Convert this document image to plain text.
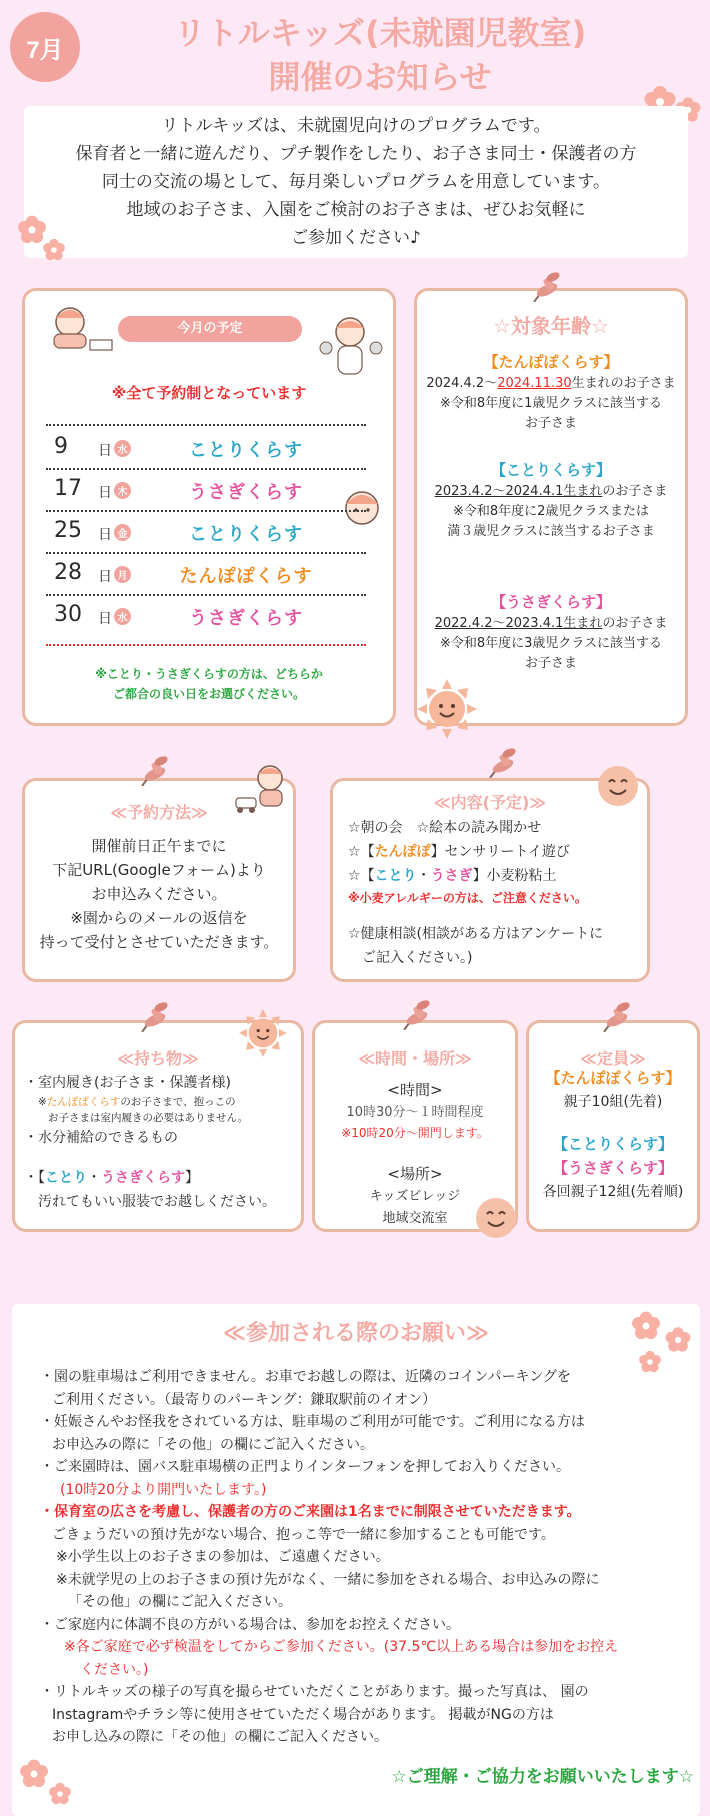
7月	リトルキッズ(未就園児教室)
開催のお知らせ

リトルキッズは、未就園児向けのプログラムです。

保育者と一緒に遊んだり、プチ製作をしたり、お子さま同士・保護者の方

同士の交流の場として、毎月楽しいプログラムを用意しています。

地域のお子さま、入園をご検討のお子さまは、ぜひお気軽に

ご参加ください♪

今月の予定
※全て予約制となっています
9 日 水	ことりくらす
17 日 木	うさぎくらす
25 日 金	ことりくらす
28 日 月	たんぽぽくらす
30 日 水	うさぎくらす
※ことり・うさぎくらすの方は、どちらか
ご都合の良い日をお選びください。
☆対象年齢☆
【たんぽぽくらす】
2024.4.2〜2024.11.30生まれのお子さま
※令和8年度に1歳児クラスに該当する
お子さま
【ことりくらす】
2023.4.2〜2024.4.1生まれのお子さま
※令和8年度に2歳児クラスまたは
満３歳児クラスに該当するお子さま
【うさぎくらす】
2022.4.2〜2023.4.1生まれのお子さま
※令和8年度に3歳児クラスに該当する
お子さま
≪予約方法≫
開催前日正午までに
下記URL(Googleフォーム)より
お申込みください。
※園からのメールの返信を
持って受付とさせていただきます。
≪内容(予定)≫
☆朝の会　☆絵本の読み聞かせ
☆【たんぽぽ】センサリートイ遊び
☆【ことり・うさぎ】小麦粉粘土
※小麦アレルギーの方は、ご注意ください。
☆健康相談(相談がある方はアンケートに
ご記入ください。)
≪持ち物≫
・室内履き(お子さま・保護者様)
※たんぽぽくらすのお子さまで、抱っこの
お子さまは室内履きの必要はありません。
・水分補給のできるもの
・【ことり・うさぎくらす】
汚れてもいい服装でお越しください。
≪時間・場所≫
<時間>
10時30分〜１時間程度
※10時20分〜開門します。
<場所>
キッズビレッジ
地域交流室
≪定員≫
【たんぽぽくらす】
親子10組(先着)
【ことりくらす】
【うさぎくらす】
各回親子12組(先着順)
≪参加される際のお願い≫

・園の駐車場はご利用できません。お車でお越しの際は、近隣のコインパーキングを

ご利用ください。（最寄りのパーキング：鎌取駅前のイオン）

・妊娠さんやお怪我をされている方は、駐車場のご利用が可能です。ご利用になる方は

お申込みの際に「その他」の欄にご記入ください。

・ご来園時は、園バス駐車場横の正門よりインターフォンを押してお入りください。

(10時20分より開門いたします。)

・保育室の広さを考慮し、保護者の方のご来園は1名までに制限させていただきます。

ごきょうだいの預け先がない場合、抱っこ等で一緒に参加することも可能です。

※小学生以上のお子さまの参加は、ご遠慮ください。

※未就学児の上のお子さまの預け先がなく、一緒に参加をされる場合、お申込みの際に

「その他」の欄にご記入ください。

・ご家庭内に体調不良の方がいる場合は、参加をお控えください。

※各ご家庭で必ず検温をしてからご参加ください。(37.5℃以上ある場合は参加をお控え

ください。)

・リトルキッズの様子の写真を撮らせていただくことがあります。撮った写真は、 園の

Instagramやチラシ等に使用させていただく場合があります。 掲載がNGの方は

お申し込みの際に「その他」の欄にご記入ください。

☆ご理解・ご協力をお願いいたします☆
